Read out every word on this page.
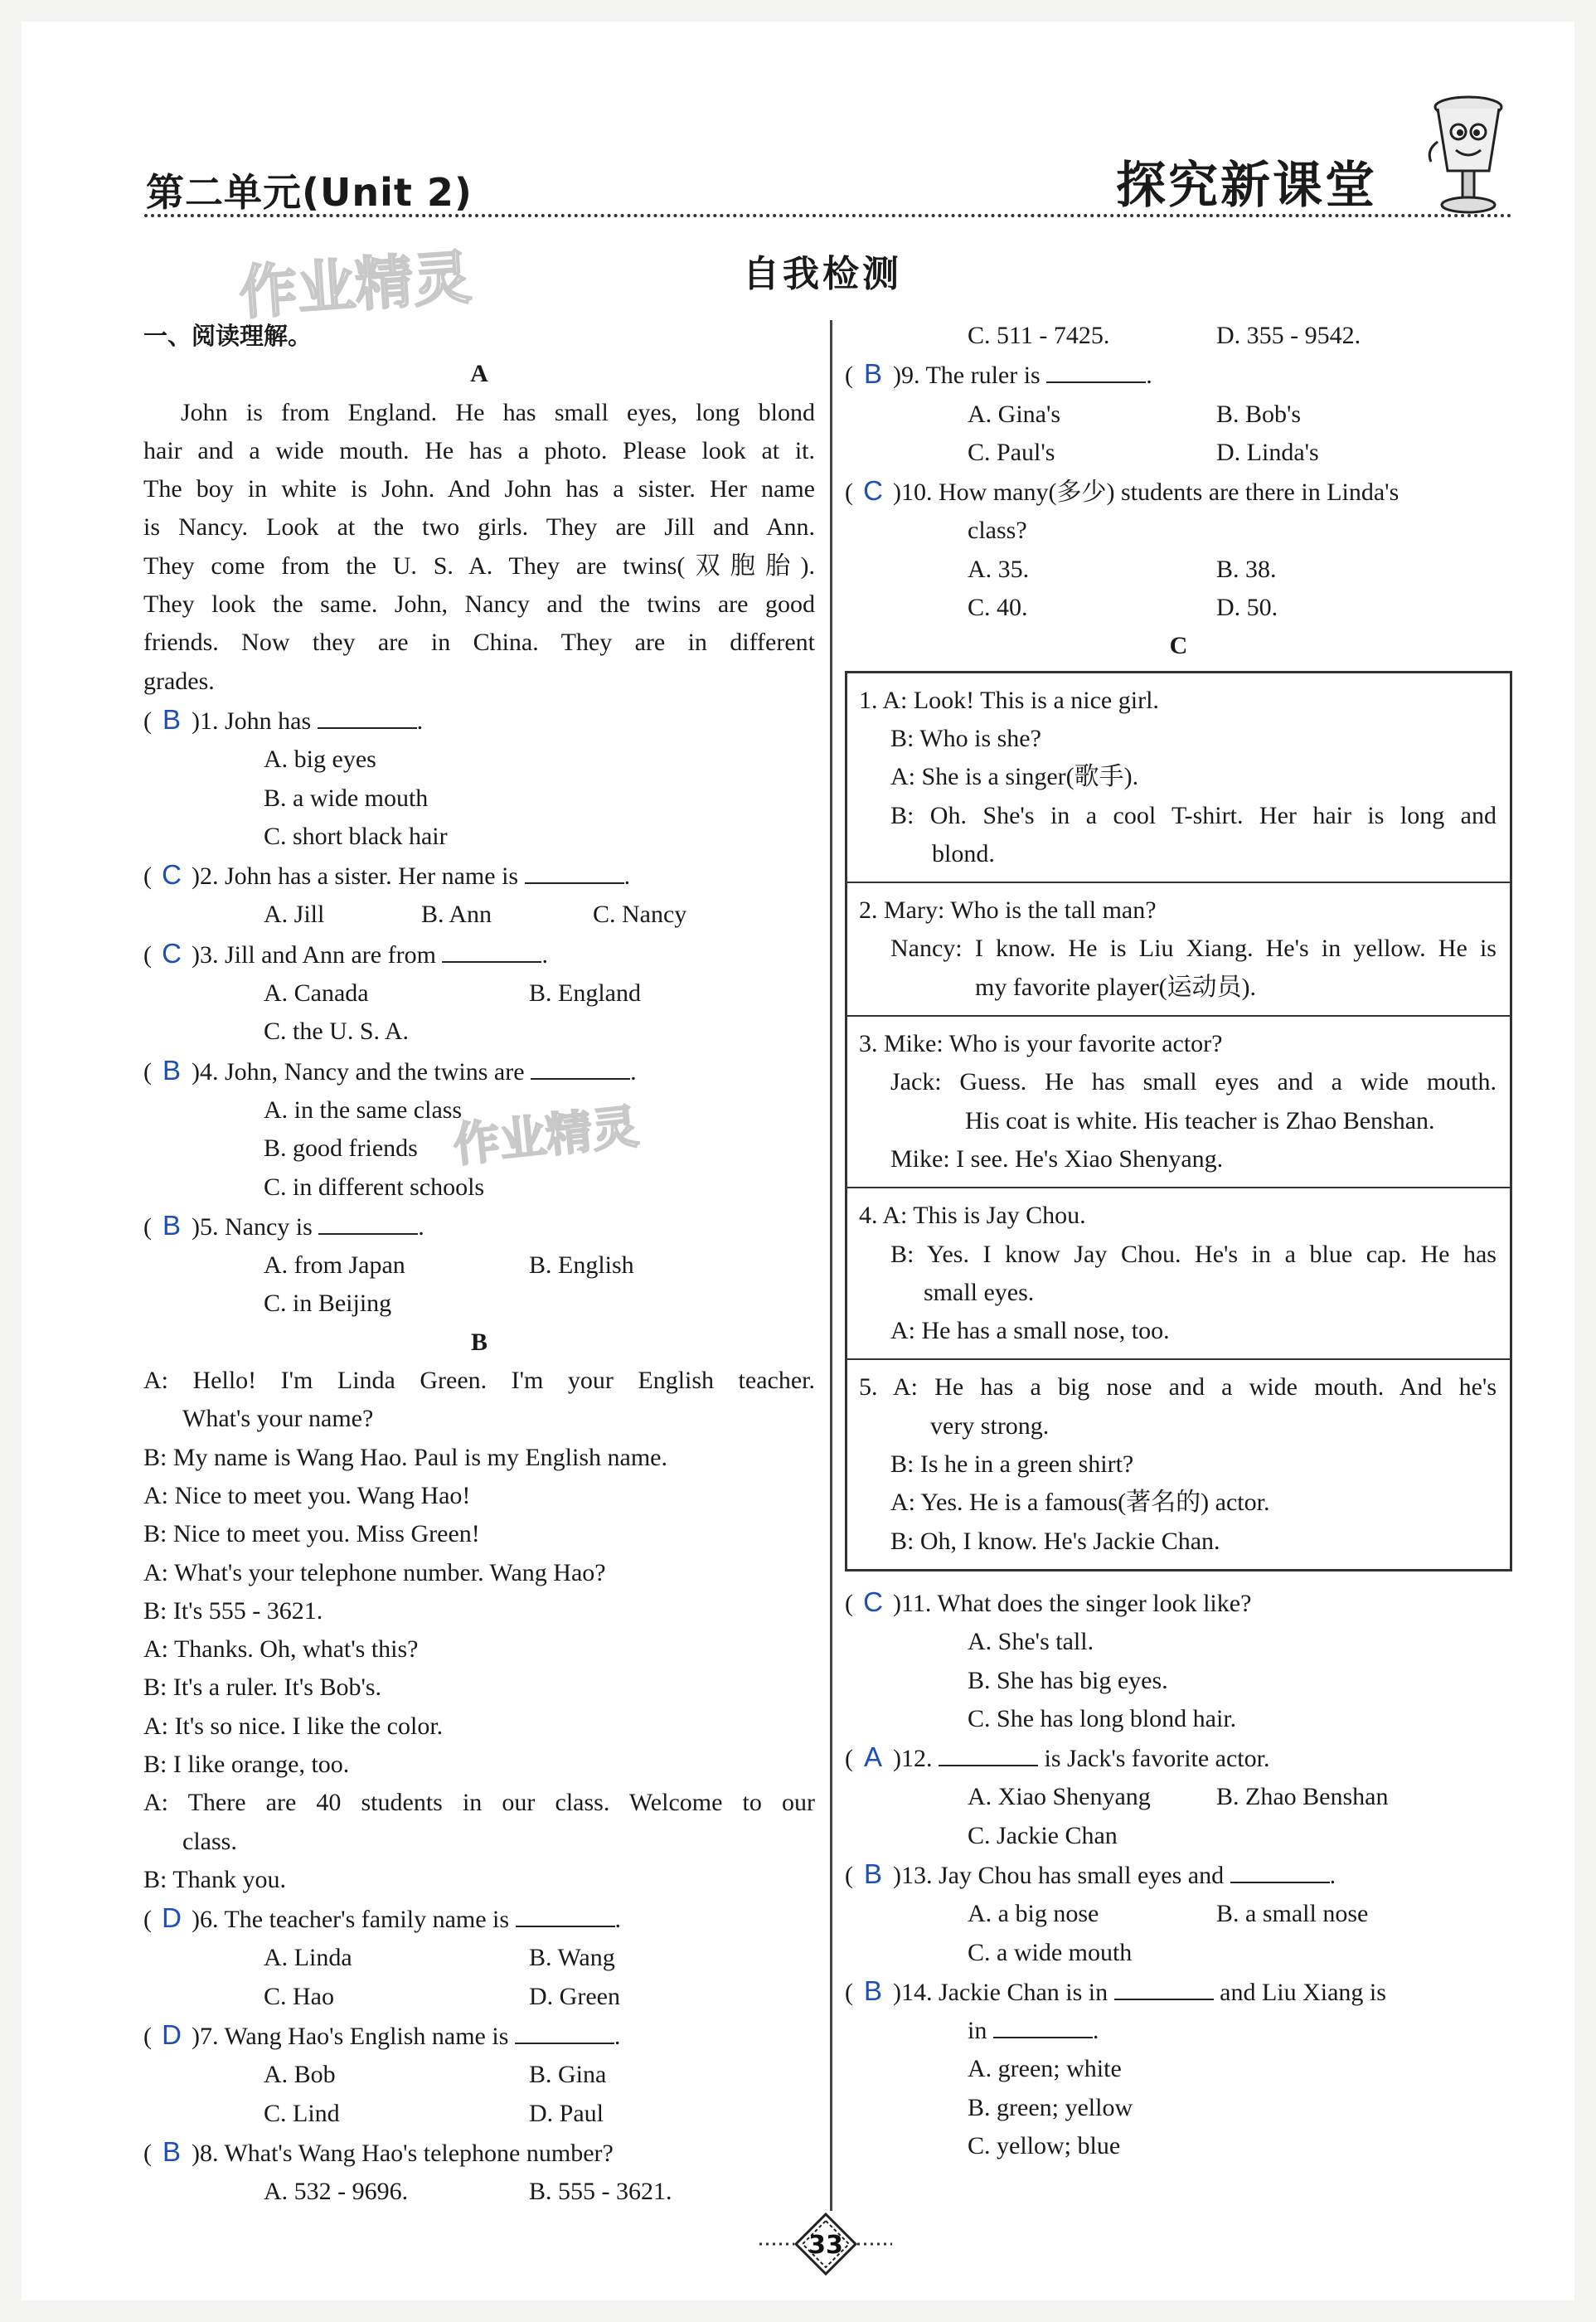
第二单元(Unit 2)	探究新课堂
作业精灵
作业精灵
自我检测
一、阅读理解。
A
John is from England. He has small eyes, long blond
hair and a wide mouth. He has a photo. Please look at it.
The boy in white is John. And John has a sister. Her name
is Nancy. Look at the two girls. They are Jill and Ann.
They come from the U. S. A. They are twins(双胞胎).
They look the same. John, Nancy and the twins are good
friends. Now they are in China. They are in different
grades.
( B )1. John has	.
A. big eyes
B. a wide mouth
C. short black hair
( C )2. John has a sister. Her name is	.
A. Jill	B. Ann	C. Nancy
( C )3. Jill and Ann are from	.
A. Canada	B. England
C. the U. S. A.
( B )4. John, Nancy and the twins are	.
A. in the same class
B. good friends
C. in different schools
( B )5. Nancy is	.
A. from Japan	B. English
C. in Beijing
B
A: Hello! I'm Linda Green. I'm your English teacher.
What's your name?
B: My name is Wang Hao. Paul is my English name.
A: Nice to meet you. Wang Hao!
B: Nice to meet you. Miss Green!
A: What's your telephone number. Wang Hao?
B: It's 555 - 3621.
A: Thanks. Oh, what's this?
B: It's a ruler. It's Bob's.
A: It's so nice. I like the color.
B: I like orange, too.
A: There are 40 students in our class. Welcome to our
class.
B: Thank you.
( D )6. The teacher's family name is	.
A. Linda	B. Wang
C. Hao	D. Green
( D )7. Wang Hao's English name is	.
A. Bob	B. Gina
C. Lind	D. Paul
( B )8. What's Wang Hao's telephone number?
A. 532 - 9696.	B. 555 - 3621.
C. 511 - 7425.	D. 355 - 9542.
( B )9. The ruler is	.
A. Gina's	B. Bob's
C. Paul's	D. Linda's
( C )10. How many(多少) students are there in Linda's
class?
A. 35.	B. 38.
C. 40.	D. 50.
C
1. A: Look! This is a nice girl.
B: Who is she?
A: She is a singer(歌手).
B: Oh. She's in a cool T-shirt. Her hair is long and
blond.
2. Mary: Who is the tall man?
Nancy: I know. He is Liu Xiang. He's in yellow. He is
my favorite player(运动员).
3. Mike: Who is your favorite actor?
Jack: Guess. He has small eyes and a wide mouth.
His coat is white. His teacher is Zhao Benshan.
Mike: I see. He's Xiao Shenyang.
4. A: This is Jay Chou.
B: Yes. I know Jay Chou. He's in a blue cap. He has
small eyes.
A: He has a small nose, too.
5. A: He has a big nose and a wide mouth. And he's
very strong.
B: Is he in a green shirt?
A: Yes. He is a famous(著名的) actor.
B: Oh, I know. He's Jackie Chan.
( C )11. What does the singer look like?
A. She's tall.
B. She has big eyes.
C. She has long blond hair.
( A )12.	is Jack's favorite actor.
A. Xiao Shenyang	B. Zhao Benshan
C. Jackie Chan
( B )13. Jay Chou has small eyes and	.
A. a big nose	B. a small nose
C. a wide mouth
( B )14. Jackie Chan is in	and Liu Xiang is
in	.
A. green; white
B. green; yellow
C. yellow; blue
33
